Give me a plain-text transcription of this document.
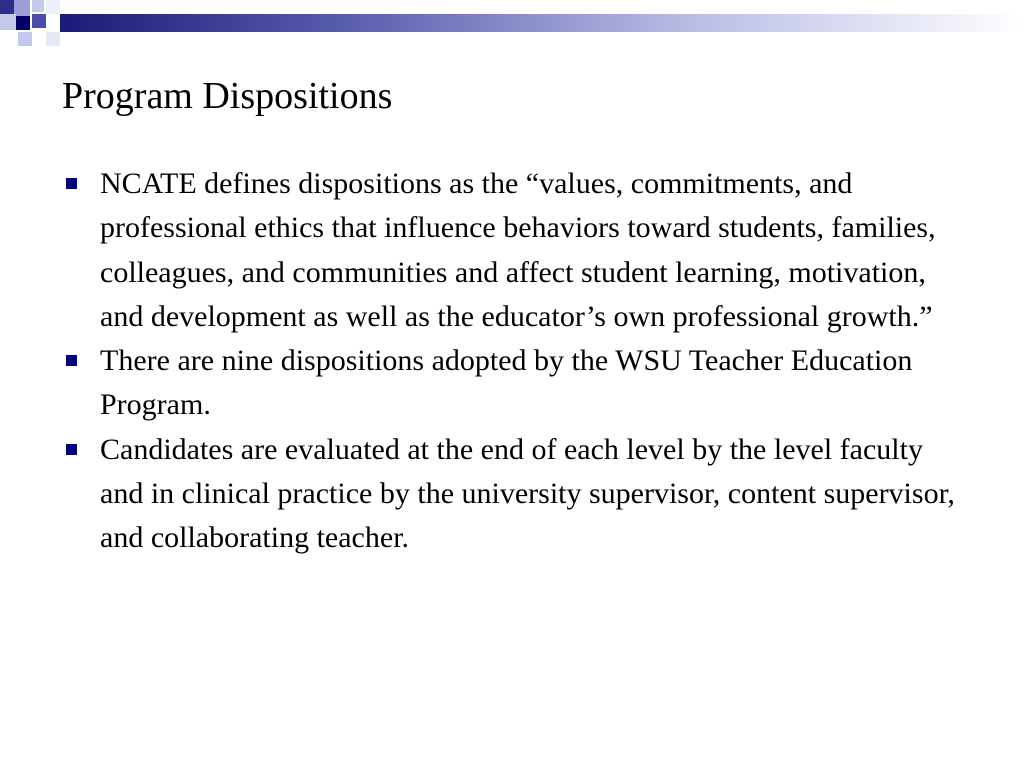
Program Dispositions
NCATE defines dispositions as the “values, commitments, and professional ethics that influence behaviors toward students, families, colleagues, and communities and affect student learning, motivation, and development as well as the educator’s own professional growth.”
There are nine dispositions adopted by the WSU Teacher Education Program.
Candidates are evaluated at the end of each level by the level faculty and in clinical practice by the university supervisor, content supervisor, and collaborating teacher.
